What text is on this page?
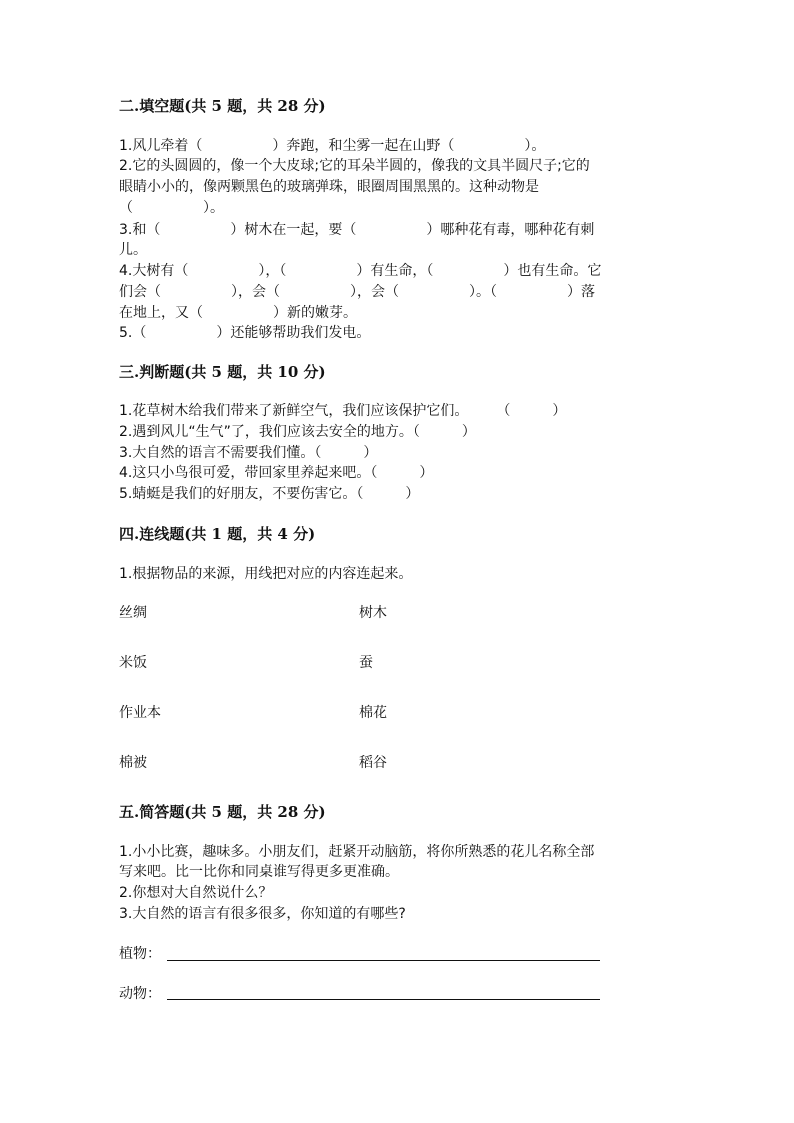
二.填空题(共 5 题，共 28 分)
1.风儿牵着（　　　　　）奔跑，和尘雾一起在山野（　　　　　）。
2.它的头圆圆的，像一个大皮球;它的耳朵半圆的，像我的文具半圆尺子;它的
眼睛小小的，像两颗黑色的玻璃弹珠，眼圈周围黑黑的。这种动物是
（　　　　　）。
3.和（　　　　　）树木在一起，要（　　　　　）哪种花有毒，哪种花有刺
儿。
4.大树有（　　　　　），（　　　　　）有生命，（　　　　　）也有生命。它
们会（　　　　　），会（　　　　　），会（　　　　　）。（　　　　　）落
在地上，又（　　　　　）新的嫩芽。
5.（　　　　　）还能够帮助我们发电。
三.判断题(共 5 题，共 10 分)
1.花草树木给我们带来了新鲜空气，我们应该保护它们。　　　（　　　）
2.遇到风儿“生气”了，我们应该去安全的地方。（　　　）
3.大自然的语言不需要我们懂。（　　　）
4.这只小鸟很可爱，带回家里养起来吧。（　　　）
5.蜻蜓是我们的好朋友，不要伤害它。（　　　）
四.连线题(共 1 题，共 4 分)
1.根据物品的来源，用线把对应的内容连起来。
丝绸	树木
米饭	蚕
作业本	棉花
棉被	稻谷
五.简答题(共 5 题，共 28 分)
1.小小比赛，趣味多。小朋友们，赶紧开动脑筋，将你所熟悉的花儿名称全部
写来吧。比一比你和同桌谁写得更多更准确。
2.你想对大自然说什么？
3.大自然的语言有很多很多，你知道的有哪些?
植物：
动物：
